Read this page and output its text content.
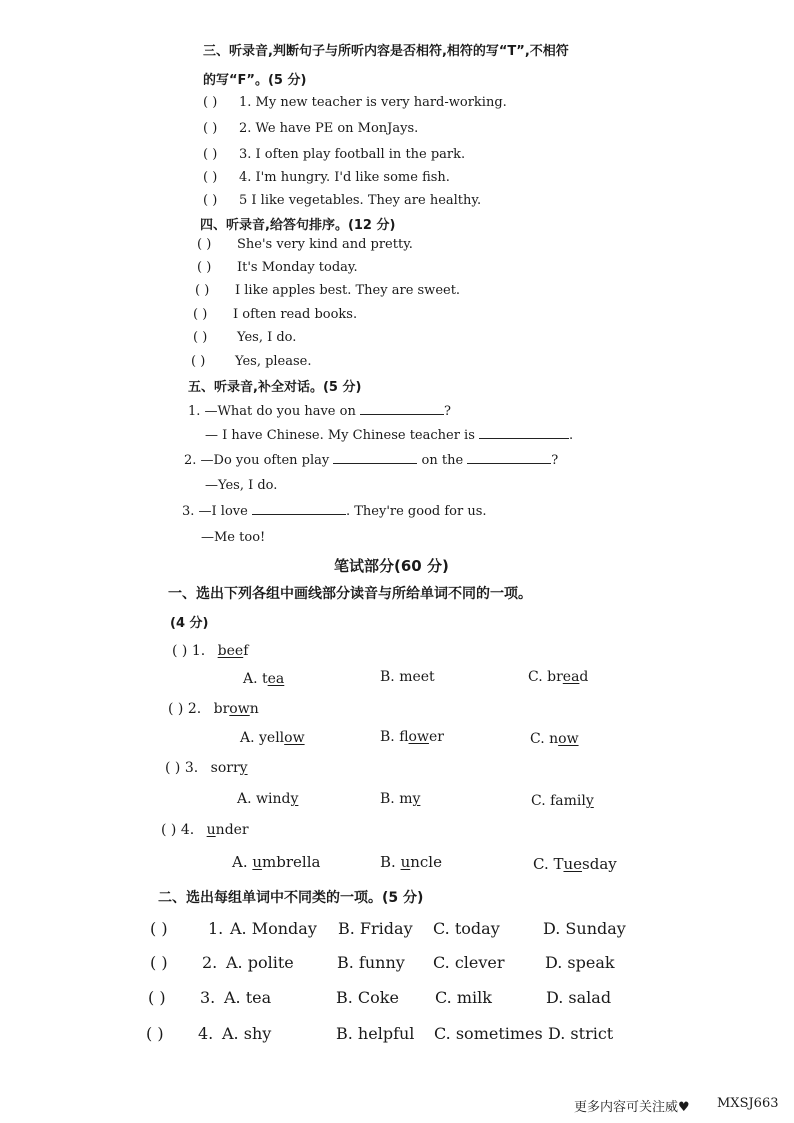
三、听录音,判断句子与所听内容是否相符,相符的写“T”,不相符
的写“F”。(5 分)
( )	1. My new teacher is very hard-working.
( )	2. We have PE on MonJays.
( )	3. I often play football in the park.
( )	4. I'm hungry. I'd like some fish.
( )	5 I like vegetables. They are healthy.
四、听录音,给答句排序。(12 分)
( )	She's very kind and pretty.
( )	It's Monday today.
( )	I like apples best. They are sweet.
( )	I often read books.
( )	Yes, I do.
( )	Yes, please.
五、听录音,补全对话。(5 分)
1. —What do you have on	?
— I have Chinese. My Chinese teacher is	.
2. —Do you often play	on the	?
—Yes, I do.
3. —I love	. They're good for us.
—Me too!
笔试部分(60 分)
一、选出下列各组中画线部分读音与所给单词不同的一项。
(4 分)
( ) 1. beef
A. tea	B. meet	C. bread
( ) 2. brown
A. yellow	B. flower	C. now
( ) 3. sorry
A. windy	B. my	C. family
( ) 4. under
A. umbrella	B. uncle	C. Tuesday
二、选出每组单词中不同类的一项。(5 分)
( )	1. A. Monday B. Friday C. today	D. Sunday
( ) 2. A. polite	B. funny C. clever	D. speak
( ) 3. A. tea	B. Coke C. milk	D. salad
( ) 4. A. shy	B. helpful C. sometimes D. strict
更多内容可关注威♥ MXSJ663
